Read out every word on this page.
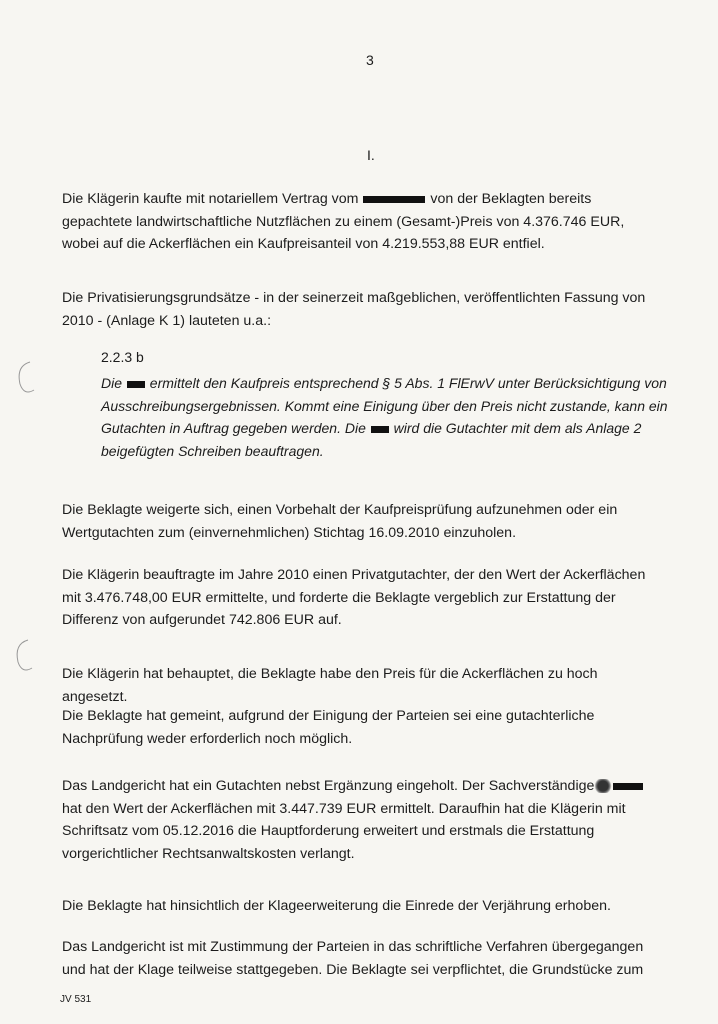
3
I.

Die Klägerin kaufte mit notariellem Vertrag vom	von der Beklagten bereits gepachtete landwirtschaftliche Nutzflächen zu einem (Gesamt-)Preis von 4.376.746 EUR, wobei auf die Ackerflächen ein Kaufpreisanteil von 4.219.553,88 EUR entfiel.

Die Privatisierungsgrundsätze - in der seinerzeit maßgeblichen, veröffentlichten Fassung von 2010 - (Anlage K 1) lauteten u.a.:

2.2.3 b

Die ermittelt den Kaufpreis entsprechend § 5 Abs. 1 FlErwV unter Berücksichtigung von Ausschreibungsergebnissen. Kommt eine Einigung über den Preis nicht zustande, kann ein Gutachten in Auftrag gegeben werden. Die wird die Gutachter mit dem als Anlage 2 beigefügten Schreiben beauftragen.

Die Beklagte weigerte sich, einen Vorbehalt der Kaufpreisprüfung aufzunehmen oder ein Wertgutachten zum (einvernehmlichen) Stichtag 16.09.2010 einzuholen.

Die Klägerin beauftragte im Jahre 2010 einen Privatgutachter, der den Wert der Ackerflächen mit 3.476.748,00 EUR ermittelte, und forderte die Beklagte vergeblich zur Erstattung der Differenz von aufgerundet 742.806 EUR auf.

Die Klägerin hat behauptet, die Beklagte habe den Preis für die Ackerflächen zu hoch angesetzt.

Die Beklagte hat gemeint, aufgrund der Einigung der Parteien sei eine gutachterliche Nachprüfung weder erforderlich noch möglich.

Das Landgericht hat ein Gutachten nebst Ergänzung eingeholt. Der Sachverständige hat den Wert der Ackerflächen mit 3.447.739 EUR ermittelt. Daraufhin hat die Klägerin mit Schriftsatz vom 05.12.2016 die Hauptforderung erweitert und erstmals die Erstattung vorgerichtlicher Rechtsanwaltskosten verlangt.

Die Beklagte hat hinsichtlich der Klageerweiterung die Einrede der Verjährung erhoben.

Das Landgericht ist mit Zustimmung der Parteien in das schriftliche Verfahren übergegangen und hat der Klage teilweise stattgegeben. Die Beklagte sei verpflichtet, die Grundstücke zum

JV 531
